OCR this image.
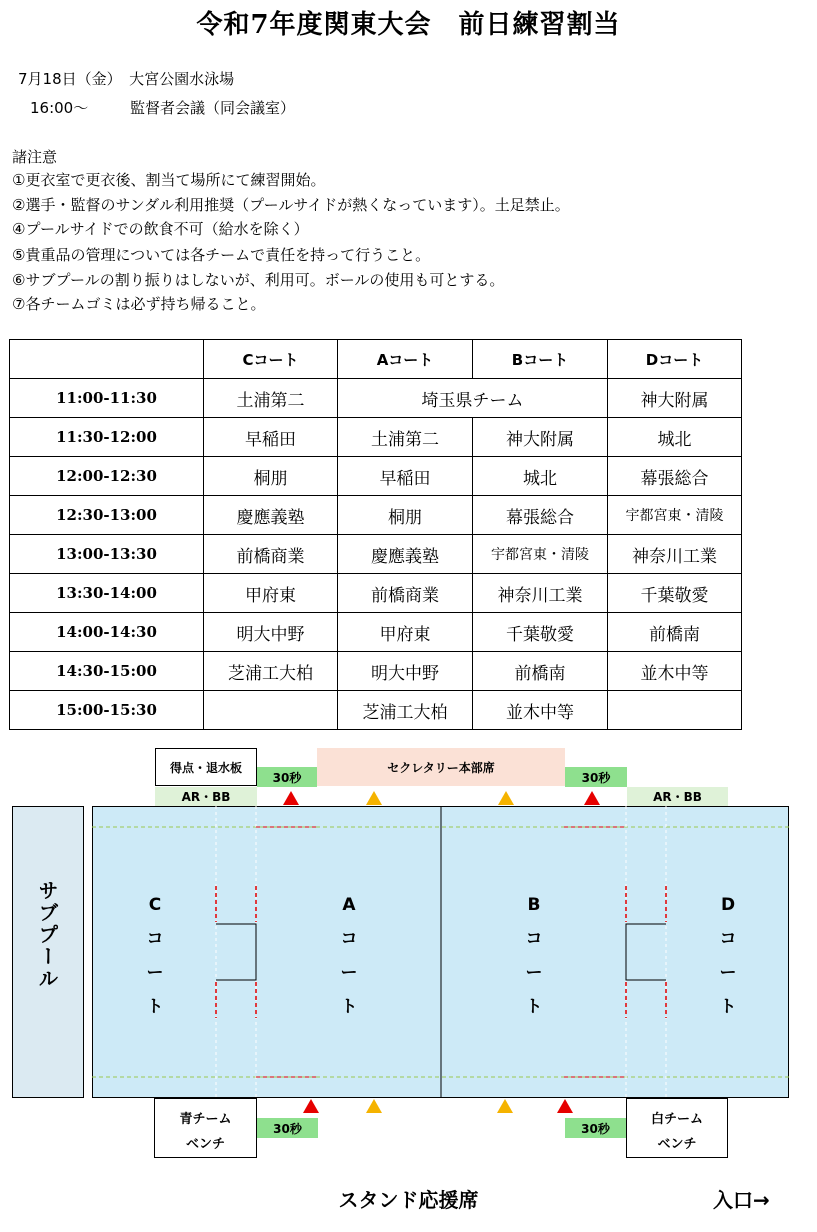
令和7年度関東大会　前日練習割当
7月18日（金）　大宮公園水泳場
16:00〜	監督者会議（同会議室）
諸注意
①更衣室で更衣後、割当て場所にて練習開始。
②選手・監督のサンダル利用推奨（プールサイドが熱くなっています）。土足禁止。
④プールサイドでの飲食不可（給水を除く）
⑤貴重品の管理については各チームで責任を持って行うこと。
⑥サブプールの割り振りはしないが、利用可。ボールの使用も可とする。
⑦各チームゴミは必ず持ち帰ること。
	Cコート	Aコート	Bコート	Dコート
11:00-11:30	土浦第二	埼玉県チーム		神大附属
11:30-12:00	早稲田	土浦第二	神大附属	城北
12:00-12:30	桐朋	早稲田	城北	幕張総合
12:30-13:00	慶應義塾	桐朋	幕張総合	宇都宮東・清陵
13:00-13:30	前橋商業	慶應義塾	宇都宮東・清陵	神奈川工業
13:30-14:00	甲府東	前橋商業	神奈川工業	千葉敬愛
14:00-14:30	明大中野	甲府東	千葉敬愛	前橋南
14:30-15:00	芝浦工大柏	明大中野	前橋南	並木中等
15:00-15:30		芝浦工大柏	並木中等	
得点・退水板	セクレタリー本部席
30秒	30秒
AR・BB	AR・BB
サブプール	C
コ
ー
ト
A
コ
ー
ト
B
コ
ー
ト
D
コ
ー
ト
青チーム
ベンチ
白チーム
ベンチ
30秒	30秒
スタンド応援席	入口→
